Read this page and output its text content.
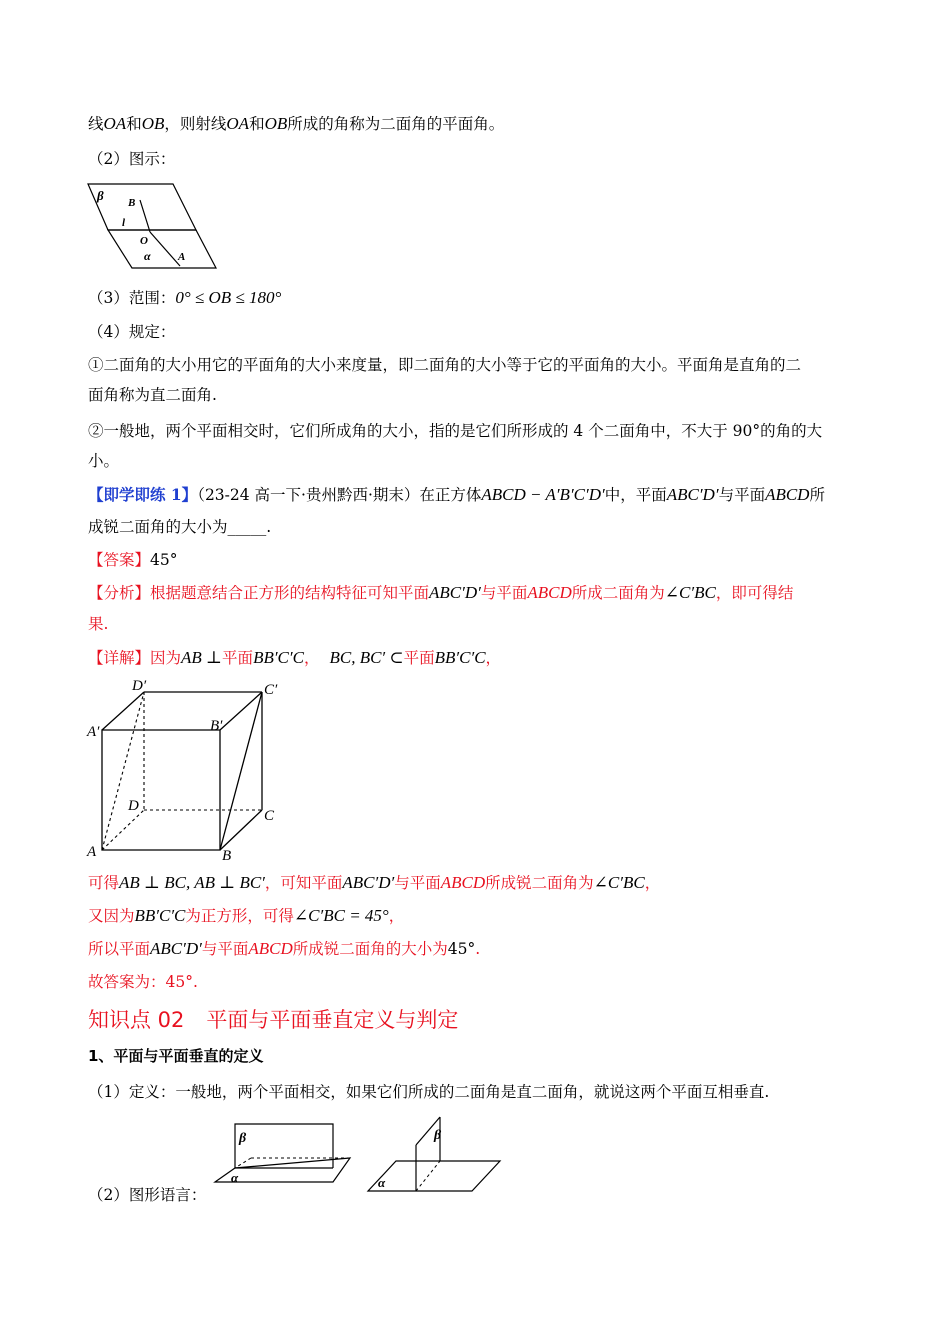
线OA和OB，则射线OA和OB所成的角称为二面角的平面角。
（2）图示：
β B
l
O
α A
（3）范围：0° ≤ OB ≤ 180°
（4）规定：
①二面角的大小用它的平面角的大小来度量，即二面角的大小等于它的平面角的大小。平面角是直角的二
面角称为直二面角.
②一般地，两个平面相交时，它们所成角的大小，指的是它们所形成的 4 个二面角中，不大于 90°的角的大
小。
【即学即练 1】（23-24 高一下·贵州黔西·期末）在正方体ABCD − A′B′C′D′中，平面ABC′D′与平面ABCD所
成锐二面角的大小为_____.
【答案】45°
【分析】根据题意结合正方形的结构特征可知平面ABC′D′与平面ABCD所成二面角为∠C′BC，即可得结
果.
【详解】因为AB ⊥平面BB′C′C， BC, BC′ ⊂平面BB′C′C，
D′	C′
A′	B′
D
C
A	B
可得AB ⊥ BC, AB ⊥ BC′，可知平面ABC′D′与平面ABCD所成锐二面角为∠C′BC，
又因为BB′C′C为正方形，可得∠C′BC = 45°，
所以平面ABC′D′与平面ABCD所成锐二面角的大小为45°.
故答案为：45°.
知识点 02 平面与平面垂直定义与判定
1、平面与平面垂直的定义
（1）定义：一般地，两个平面相交，如果它们所成的二面角是直二面角，就说这两个平面互相垂直.
β
α
（2）图形语言：
β
α
